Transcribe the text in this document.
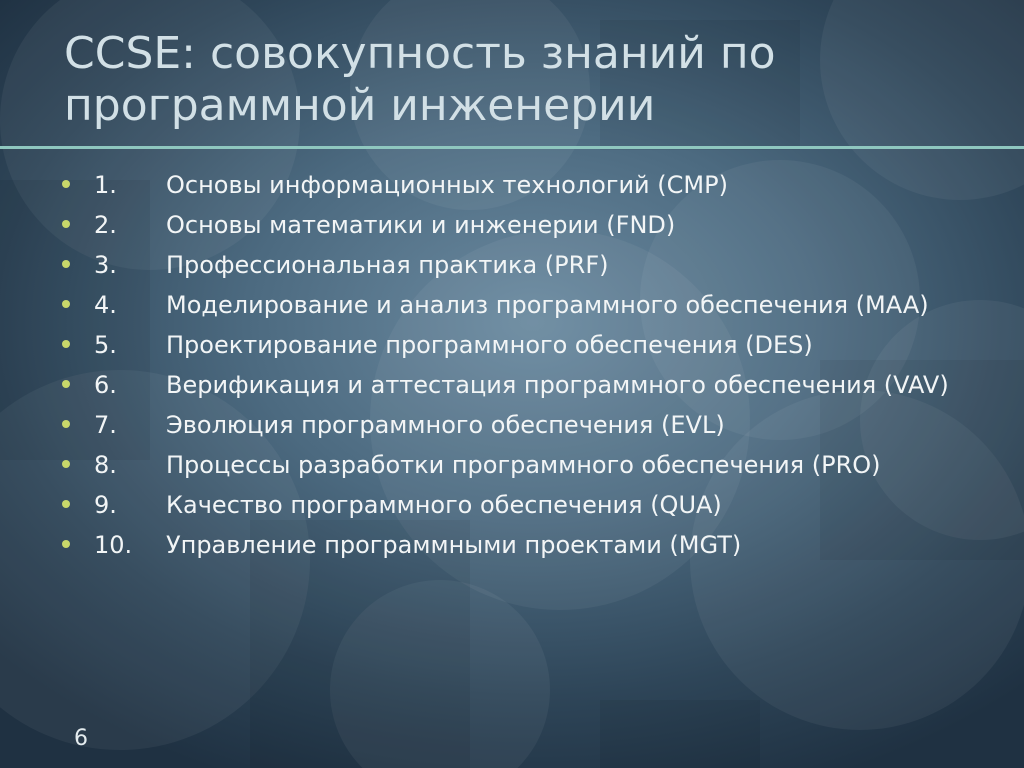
CCSE: совокупность знаний по программной инженерии
1. Основы информационных технологий (CMP)
2. Основы математики и инженерии (FND)
3. Профессиональная практика (PRF)
4. Моделирование и анализ программного обеспечения (MAA)
5. Проектирование программного обеспечения (DES)
6. Верификация и аттестация программного обеспечения (VAV)
7. Эволюция программного обеспечения (EVL)
8. Процессы разработки программного обеспечения (PRO)
9. Качество программного обеспечения (QUA)
10. Управление программными проектами (MGT)
6
